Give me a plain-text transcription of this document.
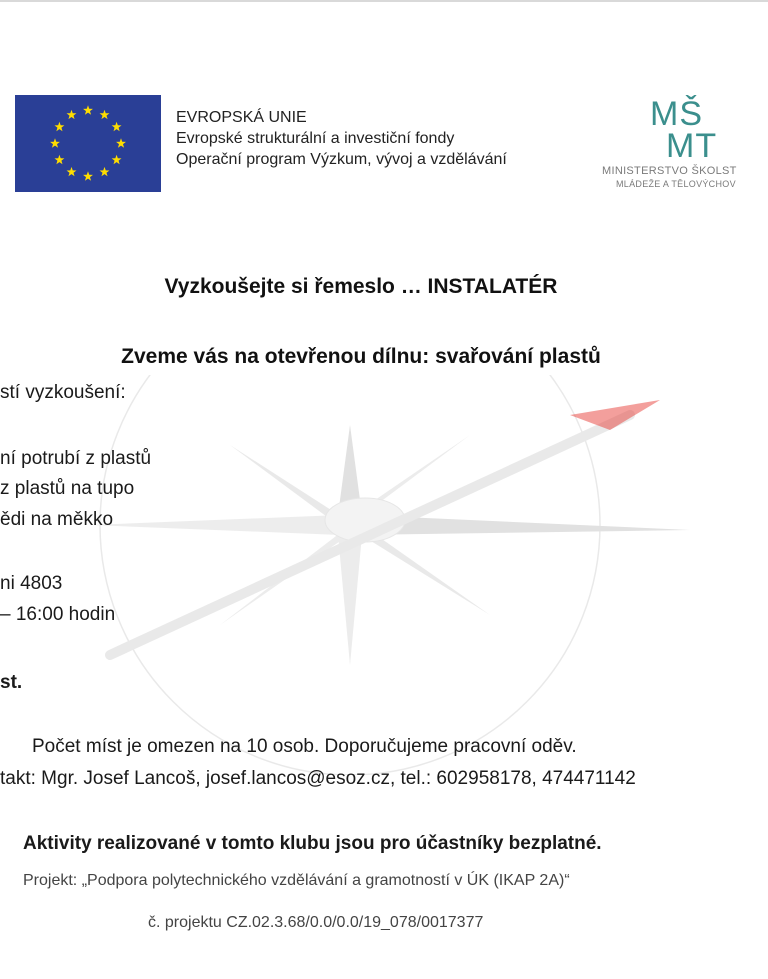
EVROPSKÁ UNIE
Evropské strukturální a investiční fondy
Operační program Výzkum, vývoj a vzdělávání
MŠ
MT
MINISTERSTVO ŠKOLST
MLÁDEŽE A TĚLOVÝCHOV
Vyzkoušejte si řemeslo … INSTALATÉR
Zveme vás na otevřenou dílnu: svařování plastů
stí vyzkoušení:
ní potrubí z plastů
z plastů na tupo
ědi na měkko
ni 4803
– 16:00 hodin
st.
Počet míst je omezen na 10 osob. Doporučujeme pracovní oděv.
takt: Mgr. Josef Lancoš, josef.lancos@esoz.cz, tel.: 602958178, 474471142
Aktivity realizované v tomto klubu jsou pro účastníky bezplatné.
Projekt: „Podpora polytechnického vzdělávání a gramotností v ÚK (IKAP 2A)“
č. projektu CZ.02.3.68/0.0/0.0/19_078/0017377
